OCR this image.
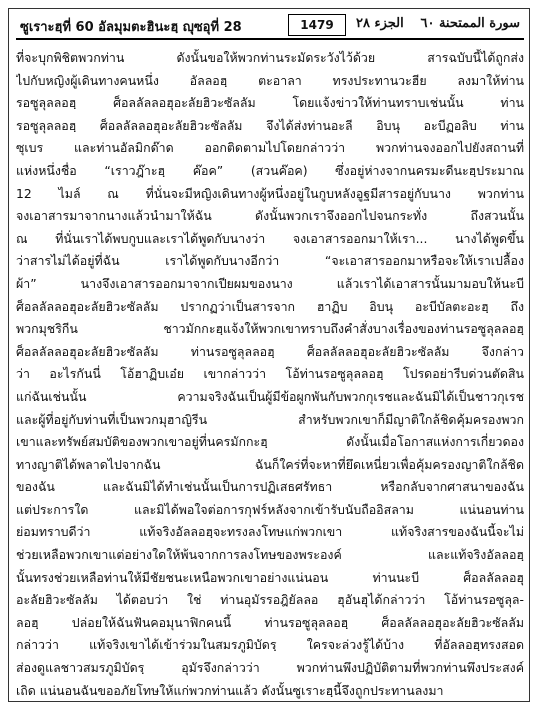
ซูเราะฮฺที่ 60 อัลมุมตะฮินะฮฺ ญุซอุที่ 28	1479	الجزء ٢٨ سورة الممتحنة ٦٠
ที่จะบุกพิชิตพวกท่าน ดังนั้นขอให้พวกท่านระมัดระวังไว้ด้วย สารฉบับนี้ได้ถูกส่ง
ไปกับหญิงผู้เดินทางคนหนึ่ง อัลลอฮฺ ตะอาลา ทรงประทานวะฮีย ลงมาให้ท่าน
รอซูลุลลอฮฺ ศ็อลลัลลอฮุอะลัยฮิวะซัลลัม โดยแจ้งข่าวให้ท่านทราบเช่นนั้น ท่าน
รอซูลุลลอฮฺ ศ็อลลัลลอฮุอะลัยฮิวะซัลลัม จึงได้ส่งท่านอะลี อิบนุ อะบีฏอลิบ ท่าน
ซุเบร และท่านอัลมิกด๊าด ออกติดตามไปโดยกล่าวว่า พวกท่านจงออกไปยังสถานที่
แห่งหนึ่งชื่อ “เราวฎ๊าะฮฺ ค๊อค” (สวนค๊อค) ซึ่งอยู่ห่างจากนครมะดีนะฮฺประมาณ
12 ไมล์ ณ ที่นั่นจะมีหญิงเดินทางผู้หนึ่งอยู่ในกูบหลังอูฐมีสารอยู่กับนาง พวกท่าน
จงเอาสารมาจากนางแล้วนำมาให้ฉัน ดังนั้นพวกเราจึงออกไปจนกระทั่ง ถึงสวนนั้น
ณ ที่นั่นเราได้พบกูบและเราได้พูดกับนางว่า จงเอาสารออกมาให้เรา... นางได้พูดขึ้น
ว่าสารไม่ได้อยู่ที่ฉัน เราได้พูดกับนางอีกว่า “จะเอาสารออกมาหรือจะให้เราเปลื้อง
ผ้า” นางจึงเอาสารออกมาจากเปียผมของนาง แล้วเราได้เอาสารนั้นมามอบให้นะบี
ศ็อลลัลลอฮุอะลัยฮิวะซัลลัม ปรากฏว่าเป็นสารจาก ฮาฏิบ อิบนุ อะบีบัลตะอะฮฺ ถึง
พวกมุชริกีน ชาวมักกะฮฺแจ้งให้พวกเขาทราบถึงคำสั่งบางเรื่องของท่านรอซูลุลลอฮฺ
ศ็อลลัลลอฮุอะลัยฮิวะซัลลัม ท่านรอซูลุลลอฮฺ ศ็อลลัลลอฮุอะลัยฮิวะซัลลัม จึงกล่าว
ว่า อะไรกันนี่ โอ้ฮาฏิบเอ๋ย เขากล่าวว่า โอ้ท่านรอซูลุลลอฮฺ โปรดอย่ารีบด่วนตัดสิน
แก่ฉันเช่นนั้น ความจริงฉันเป็นผู้มีข้อผูกพันกับพวกกุเรชและฉันมิได้เป็นชาวกุเรช
และผู้ที่อยู่กับท่านที่เป็นพวกมุฮาญิรีน สำหรับพวกเขาก็มีญาติใกล้ชิดคุ้มครองพวก
เขาและทรัพย์สมบัติของพวกเขาอยู่ที่นครมักกะฮฺ ดังนั้นเมื่อโอกาสแห่งการเกี่ยวดอง
ทางญาติได้พลาดไปจากฉัน ฉันก็ใคร่ที่จะหาที่ยึดเหนี่ยวเพื่อคุ้มครองญาติใกล้ชิด
ของฉัน และฉันมิได้ทำเช่นนั้นเป็นการปฏิเสธศรัทธา หรือกลับจากศาสนาของฉัน
แต่ประการใด และมิได้พอใจต่อการกุฟร์หลังจากเข้ารับนับถืออิสลาม แน่นอนท่าน
ย่อมทราบดีว่า แท้จริงอัลลอฮฺจะทรงลงโทษแก่พวกเขา แท้จริงสารของฉันนี้จะไม่
ช่วยเหลือพวกเขาแต่อย่างใดให้พ้นจากการลงโทษของพระองค์ และแท้จริงอัลลอฮฺ
นั้นทรงช่วยเหลือท่านให้มีชัยชนะเหนือพวกเขาอย่างแน่นอน ท่านนะบี ศ็อลลัลลอฮุ
อะลัยฮิวะซัลลัม ได้ตอบว่า ใช่ ท่านอุมัรรอฎิยัลลอ ฮุอันฮุได้กล่าวว่า โอ้ท่านรอซูลุล-
ลอฮฺ ปล่อยให้ฉันฟันคอมุนาฟิกคนนี้ ท่านรอซูลุลลอฮฺ ศ็อลลัลลอฮุอะลัยฮิวะซัลลัม
กล่าวว่า แท้จริงเขาได้เข้าร่วมในสมรภูมิบัดรฺ ใครจะล่วงรู้ได้บ้าง ที่อัลลอฮฺทรงสอด
ส่องดูแลชาวสมรภูมิบัดรฺ อุมัรจึงกล่าวว่า พวกท่านพึงปฏิบัติตามที่พวกท่านพึงประสงค์
เถิด แน่นอนฉันขออภัยโทษให้แก่พวกท่านแล้ว ดังนั้นซูเราะฮฺนี้จึงถูกประทานลงมา
